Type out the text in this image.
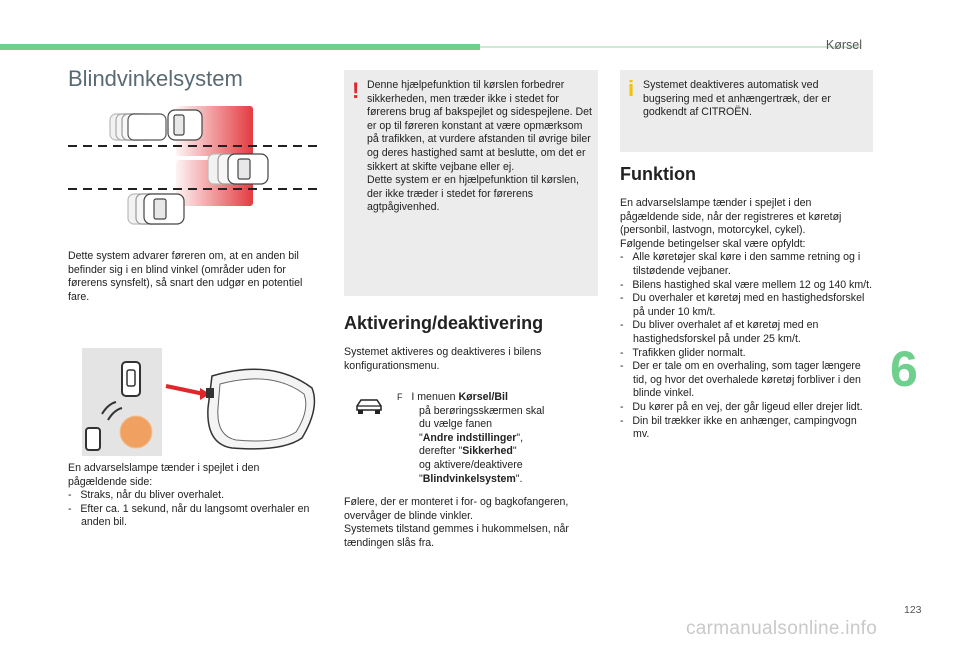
Kørsel
Blindvinkelsystem
Dette system advarer føreren om, at en anden bil befinder sig i en blind vinkel (områder uden for førerens synsfelt), så snart den udgør en potentiel fare.
En advarselslampe tænder i spejlet i den pågældende side:
-   Straks, når du bliver overhalet.
-   Efter ca. 1 sekund, når du langsomt overhaler en anden bil.
! Denne hjælpefunktion til kørslen forbedrer sikkerheden, men træder ikke i stedet for førerens brug af bakspejlet og sidespejlene. Det er op til føreren konstant at være opmærksom på trafikken, at vurdere afstanden til øvrige biler og deres hastighed samt at beslutte, om det er sikkert at skifte vejbane eller ej.
Dette system er en hjælpefunktion til kørslen, der ikke træder i stedet for førerens agtpågivenhed.
Aktivering/deaktivering
Systemet aktiveres og deaktiveres i bilens konfigurationsmenu.
F I menuen Kørsel/Bil
på berøringsskærmen skal du vælge fanen
"Andre indstillinger",
derefter "Sikkerhed"
og aktivere/deaktivere
"Blindvinkelsystem".
Følere, der er monteret i for- og bagkofangeren, overvåger de blinde vinkler.
Systemets tilstand gemmes i hukommelsen, når tændingen slås fra.
i Systemet deaktiveres automatisk ved bugsering med et anhængertræk, der er godkendt af CITROËN.
Funktion
En advarselslampe tænder i spejlet i den pågældende side, når der registreres et køretøj (personbil, lastvogn, motorcykel, cykel).
Følgende betingelser skal være opfyldt:
-   Alle køretøjer skal køre i den samme retning og i tilstødende vejbaner.
-   Bilens hastighed skal være mellem 12 og 140 km/t.
-   Du overhaler et køretøj med en hastighedsforskel på under 10 km/t.
-   Du bliver overhalet af et køretøj med en hastighedsforskel på under 25 km/t.
-   Trafikken glider normalt.
-   Der er tale om en overhaling, som tager længere tid, og hvor det overhalede køretøj forbliver i den blinde vinkel.
-   Du kører på en vej, der går ligeud eller drejer lidt.
-   Din bil trækker ikke en anhænger, campingvogn mv.
6
123
carmanualsonline.info
